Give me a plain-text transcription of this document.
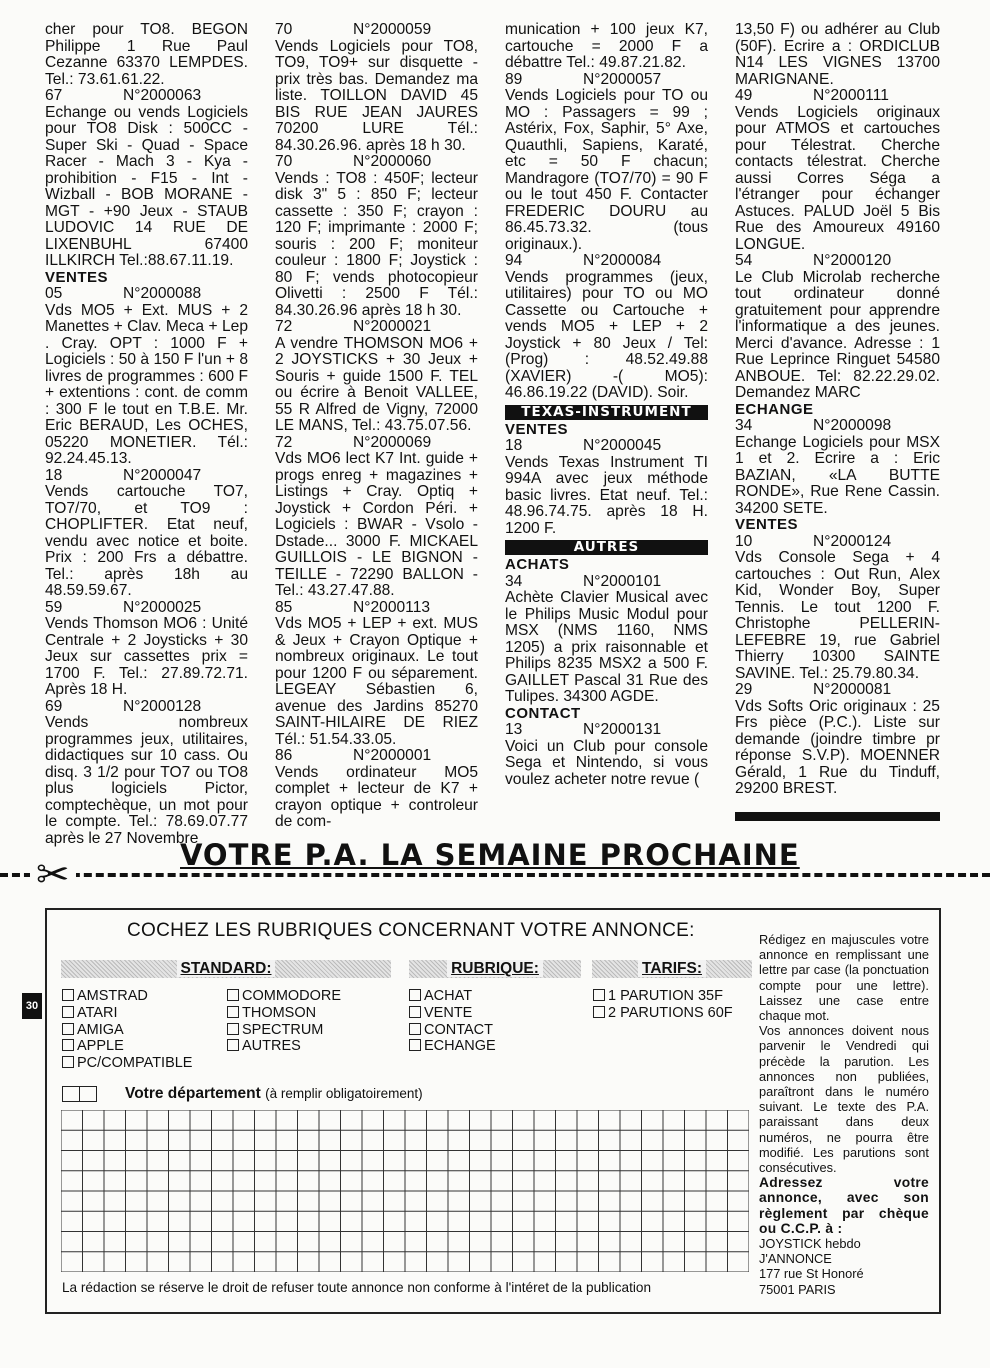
cher pour TO8. BEGON Philippe 1 Rue Paul Cezanne 63370 LEMPDES. Tel.: 73.61.61.22.

67              N°2000063

Echange ou vends Logiciels pour TO8 Disk : 500CC - Super Ski - Quad - Space Racer - Mach 3 - Kya - prohibition - F15 - Int - Wizball - BOB MORANE - MGT - +90 Jeux - STAUB LUDOVIC 14 RUE DE LIXENBUHL 67400 ILLKIRCH Tel.:88.67.11.19.

VENTES

05              N°2000088

Vds MO5 + Ext. MUS + 2 Manettes + Clav. Meca + Lep . Cray. OPT : 1000 F + Logiciels : 50 à 150 F l'un + 8 livres de programmes : 600 F + extentions : cont. de comm : 300 F le tout en T.B.E. Mr. Eric BERAUD, Les OCHES, 05220 MONETIER. Tél.: 92.24.45.13.

18              N°2000047

Vends cartouche TO7, TO7/70, et TO9 : CHOPLIFTER. Etat neuf, vendu avec notice et boite. Prix : 200 Frs a débattre. Tel.: après 18h au 48.59.59.67.

59              N°2000025

Vends Thomson MO6 : Unité Centrale + 2 Joysticks + 30 Jeux sur cassettes prix = 1700 F. Tel.: 27.89.72.71. Après 18 H.

69              N°2000128

Vends nombreux programmes jeux, utilitaires, didactiques sur 10 cass. Ou disq. 3 1/2 pour TO7 ou TO8 plus logiciels Pictor, comptechèque, un mot pour le compte. Tel.: 78.69.07.77 après le 27 Novembre

70              N°2000059

Vends Logiciels pour TO8, TO9, TO9+ sur disquette - prix très bas. Demandez ma liste. TOILLON DAVID 45 BIS RUE JEAN JAURES 70200 LURE Tél.: 84.30.26.96. après 18 h 30.

70              N°2000060

Vends : TO8 : 450F; lecteur disk 3" 5 : 850 F; lecteur cassette : 350 F; crayon : 120 F; imprimante : 2000 F; souris : 200 F; moniteur couleur : 1800 F; Joystick : 80 F; vends photocopieur Olivetti : 2500 F Tél.: 84.30.26.96 après 18 h 30.

72              N°2000021

A vendre THOMSON MO6 + 2 JOYSTICKS + 30 Jeux + Souris + guide 1500 F. TEL ou écrire à Benoit VALLEE, 55 R Alfred de Vigny, 72000 LE MANS, Tel.: 43.75.07.56.

72              N°2000069

Vds MO6 lect K7 Int. guide + progs enreg + magazines + Listings + Cray. Optiq + Joystick + Cordon Péri. + Logiciels : BWAR - Vsolo - Dstade... 3000 F. MICKAEL GUILLOIS - LE BIGNON - TEILLE - 72290 BALLON - Tel.: 43.27.47.88.

85              N°2000113

Vds MO5 + LEP + ext. MUS & Jeux + Crayon Optique + nombreux originaux. Le tout pour 1200 F ou séparement. LEGEAY Sébastien 6, avenue des Jardins 85270 SAINT-HILAIRE DE RIEZ Tél.: 51.54.33.05.

86              N°2000001

Vends ordinateur MO5 complet + lecteur de K7 + crayon optique + controleur de com-

munication + 100 jeux K7, cartouche = 2000 F a débattre Tel.: 49.87.21.82.

89              N°2000057

Vends Logiciels pour TO ou MO : Passagers = 99 ; Astérix, Fox, Saphir, 5° Axe, Quauthli, Sapiens, Karaté, etc = 50 F chacun; Mandragore (TO7/70) = 90 F ou le tout 450 F. Contacter FREDERIC DOURU au 86.45.73.32. (tous originaux.).

94              N°2000084

Vends programmes (jeux, utilitaires) pour TO ou MO Cassette ou Cartouche + vends MO5 + LEP + 2 Joystick + 80 Jeux / Tel:(Prog) : 48.52.49.88 (XAVIER) -( MO5): 46.86.19.22 (DAVID). Soir.

TEXAS-INSTRUMENT

VENTES

18              N°2000045

Vends Texas Instrument TI 994A avec jeux méthode basic livres. Etat neuf. Tel.: 48.96.74.75. après 18 H. 1200 F.

AUTRES

ACHATS

34              N°2000101

Achète Clavier Musical avec le Philips Music Modul pour MSX (NMS 1160, NMS 1205) a prix raisonnable et Philips 8235 MSX2 a 500 F. GAILLET Pascal 31 Rue des Tulipes. 34300 AGDE.

CONTACT

13              N°2000131

Voici un Club pour console Sega et Nintendo, si vous voulez acheter notre revue (

13,50 F) ou adhérer au Club (50F). Ecrire a : ORDICLUB N14 LES VIGNES 13700 MARIGNANE.

49              N°2000111

Vends Logiciels originaux pour ATMOS et cartouches pour Télestrat. Cherche contacts télestrat. Cherche aussi Corres Séga a l'étranger pour échanger Astuces. PALUD Joël 5 Bis Rue des Amoureux 49160 LONGUE.

54              N°2000120

Le Club Microlab recherche tout ordinateur donné gratuitement pour apprendre l'informatique a des jeunes. Merci d'avance. Adresse : 1 Rue Leprince Ringuet 54580 ANBOUE. Tel: 82.22.29.02. Demandez MARC

ECHANGE

34              N°2000098

Echange Logiciels pour MSX 1 et 2. Ecrire a : Eric BAZIAN, «LA BUTTE RONDE», Rue Rene Cassin. 34200 SETE.

VENTES

10              N°2000124

Vds Console Sega + 4 cartouches : Out Run, Alex Kid, Wonder Boy, Super Tennis. Le tout 1200 F. Christophe PELLERIN-LEFEBRE 19, rue Gabriel Thierry 10300 SAINTE SAVINE. Tel.: 25.79.80.34.

29              N°2000081

Vds Softs Oric originaux : 25 Frs pièce (P.C.). Liste sur demande (joindre timbre pr réponse S.V.P). MOENNER Gérald, 1 Rue du Tinduff, 29200 BREST.

30
✂	VOTRE P.A. LA SEMAINE PROCHAINE
COCHEZ LES RUBRIQUES CONCERNANT VOTRE ANNONCE:
STANDARD:	RUBRIQUE:	TARIFS:
AMSTRAD
ATARI
AMIGA
APPLE
PC/COMPATIBLE
COMMODORE
THOMSON
SPECTRUM
AUTRES
ACHAT
VENTE
CONTACT
ECHANGE
1 PARUTION 35F
2 PARUTIONS 60F
Votre département (à remplir obligatoirement)
La rédaction se réserve le droit de refuser toute annonce non conforme à l'intéret de la publication

Rédigez en majuscules votre annonce en remplissant une lettre par case (la ponctuation compte pour une lettre). Laissez une case entre chaque mot.

Vos annonces doivent nous parvenir le Vendredi qui précède la parution. Les annonces non publiées, paraîtront dans le numéro suivant. Le texte des P.A. paraissant dans deux numéros, ne pourra être modifié. Les parutions sont consécutives.

Adressez votre annonce, avec son règlement par chèque ou C.C.P. à :

JOYSTICK hebdo

J'ANNONCE

177 rue St Honoré

75001 PARIS
